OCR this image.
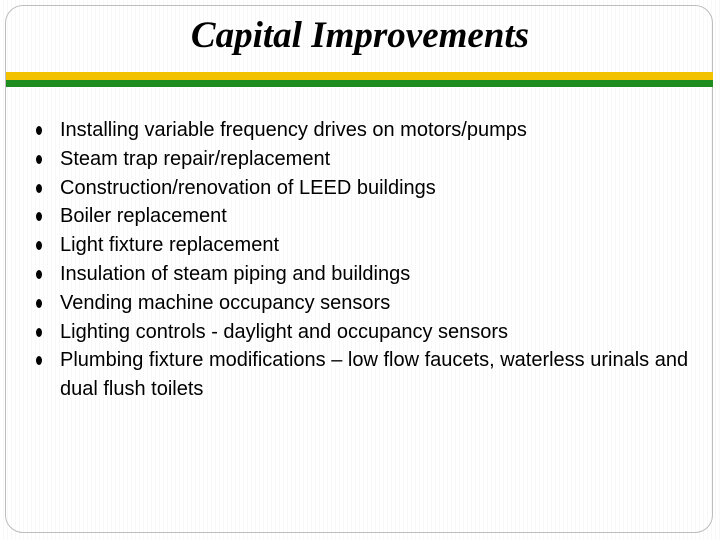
Capital Improvements
Installing variable frequency drives on motors/pumps
Steam trap repair/replacement
Construction/renovation of LEED buildings
Boiler replacement
Light fixture replacement
Insulation of steam piping and buildings
Vending machine occupancy sensors
Lighting controls - daylight and occupancy sensors
Plumbing fixture modifications – low flow faucets, waterless urinals and dual flush toilets
